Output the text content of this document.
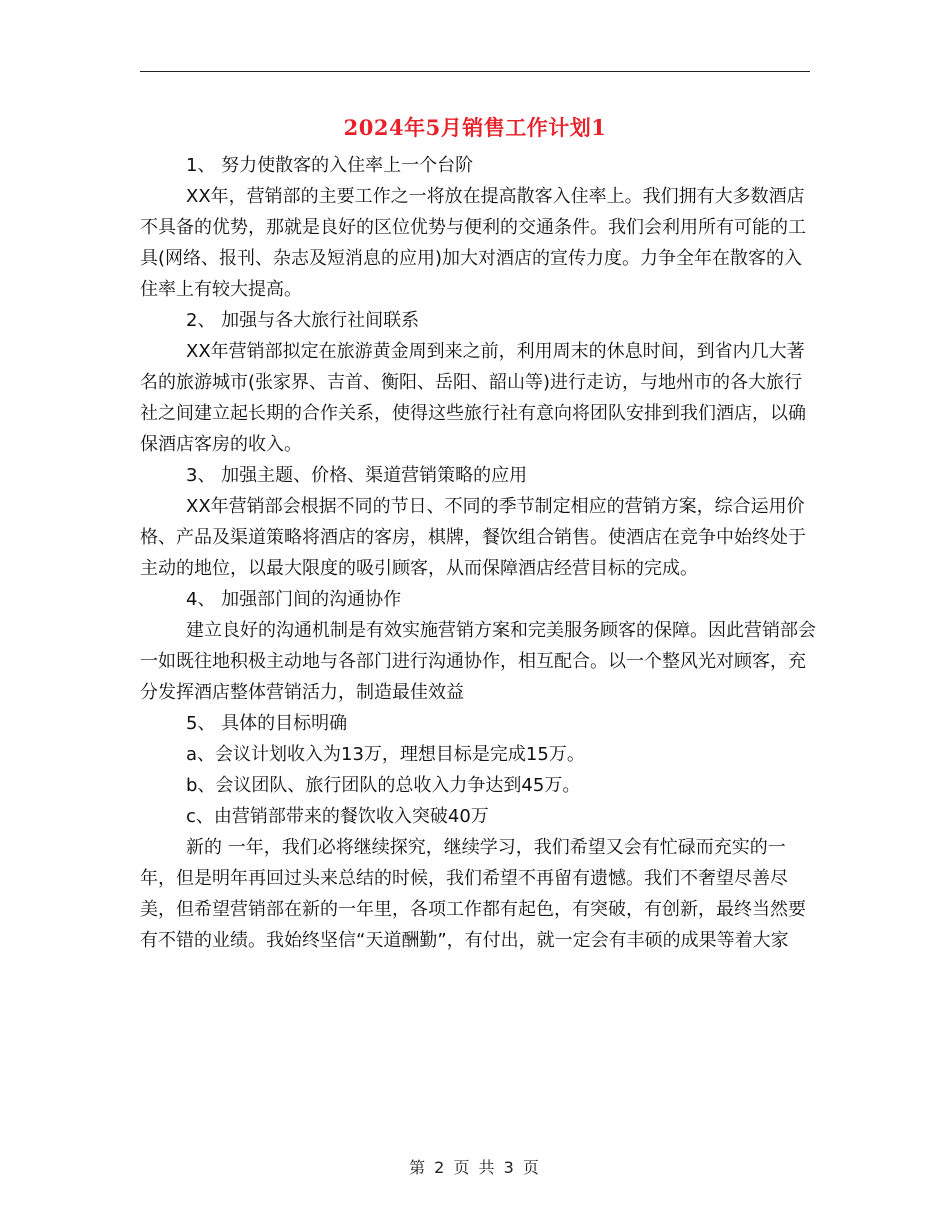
2024年5月销售工作计划1

1、 努力使散客的入住率上一个台阶

XX年，营销部的主要工作之一将放在提高散客入住率上。我们拥有大多数酒店不具备的优势，那就是良好的区位优势与便利的交通条件。我们会利用所有可能的工具(网络、报刊、杂志及短消息的应用)加大对酒店的宣传力度。力争全年在散客的入住率上有较大提高。

2、 加强与各大旅行社间联系

XX年营销部拟定在旅游黄金周到来之前，利用周末的休息时间，到省内几大著名的旅游城市(张家界、吉首、衡阳、岳阳、韶山等)进行走访，与地州市的各大旅行社之间建立起长期的合作关系，使得这些旅行社有意向将团队安排到我们酒店，以确保酒店客房的收入。

3、 加强主题、价格、渠道营销策略的应用

XX年营销部会根据不同的节日、不同的季节制定相应的营销方案，综合运用价格、产品及渠道策略将酒店的客房，棋牌，餐饮组合销售。使酒店在竞争中始终处于主动的地位，以最大限度的吸引顾客，从而保障酒店经营目标的完成。

4、 加强部门间的沟通协作

建立良好的沟通机制是有效实施营销方案和完美服务顾客的保障。因此营销部会一如既往地积极主动地与各部门进行沟通协作，相互配合。以一个整风光对顾客，充分发挥酒店整体营销活力，制造最佳效益

5、 具体的目标明确

a、会议计划收入为13万，理想目标是完成15万。

b、会议团队、旅行团队的总收入力争达到45万。

c、由营销部带来的餐饮收入突破40万

新的 一年，我们必将继续探究，继续学习，我们希望又会有忙碌而充实的一年，但是明年再回过头来总结的时候，我们希望不再留有遗憾。我们不奢望尽善尽美，但希望营销部在新的一年里，各项工作都有起色，有突破，有创新，最终当然要有不错的业绩。我始终坚信“天道酬勤”，有付出，就一定会有丰硕的成果等着大家

第 2 页 共 3 页
